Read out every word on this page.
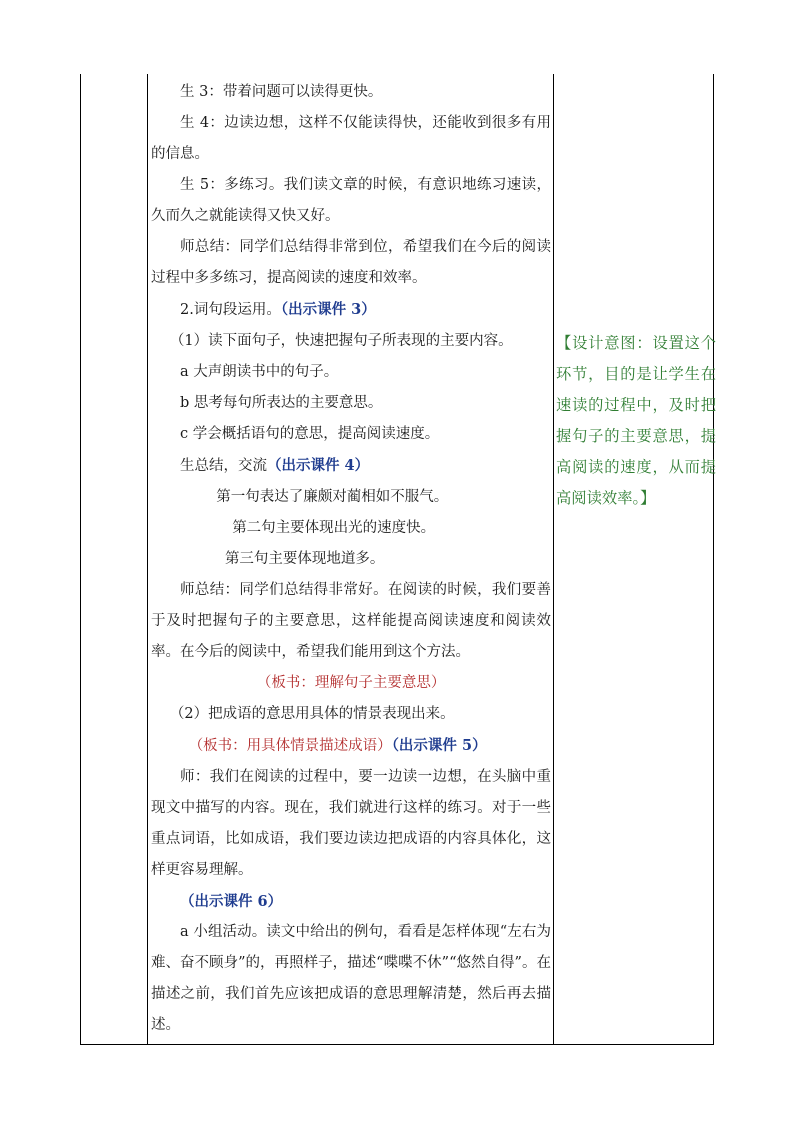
生 3：带着问题可以读得更快。

生 4：边读边想，这样不仅能读得快，还能收到很多有用的信息。

生 5：多练习。我们读文章的时候，有意识地练习速读，久而久之就能读得又快又好。

师总结：同学们总结得非常到位，希望我们在今后的阅读过程中多多练习，提高阅读的速度和效率。

2.词句段运用。（出示课件 3）

（1）读下面句子，快速把握句子所表现的主要内容。

a 大声朗读书中的句子。

b 思考每句所表达的主要意思。

c 学会概括语句的意思，提高阅读速度。

生总结，交流（出示课件 4）

第一句表达了廉颇对蔺相如不服气。

第二句主要体现出光的速度快。

第三句主要体现地道多。

师总结：同学们总结得非常好。在阅读的时候，我们要善于及时把握句子的主要意思，这样能提高阅读速度和阅读效率。在今后的阅读中，希望我们能用到这个方法。

（板书：理解句子主要意思）

（2）把成语的意思用具体的情景表现出来。

（板书：用具体情景描述成语）（出示课件 5）

师：我们在阅读的过程中，要一边读一边想，在头脑中重现文中描写的内容。现在，我们就进行这样的练习。对于一些重点词语，比如成语，我们要边读边把成语的内容具体化，这样更容易理解。

（出示课件 6）

a 小组活动。读文中给出的例句，看看是怎样体现“左右为难、奋不顾身”的，再照样子，描述“喋喋不休”“悠然自得”。在描述之前，我们首先应该把成语的意思理解清楚，然后再去描述。

【设计意图：设置这个环节，目的是让学生在速读的过程中，及时把握句子的主要意思，提高阅读的速度，从而提高阅读效率。】
